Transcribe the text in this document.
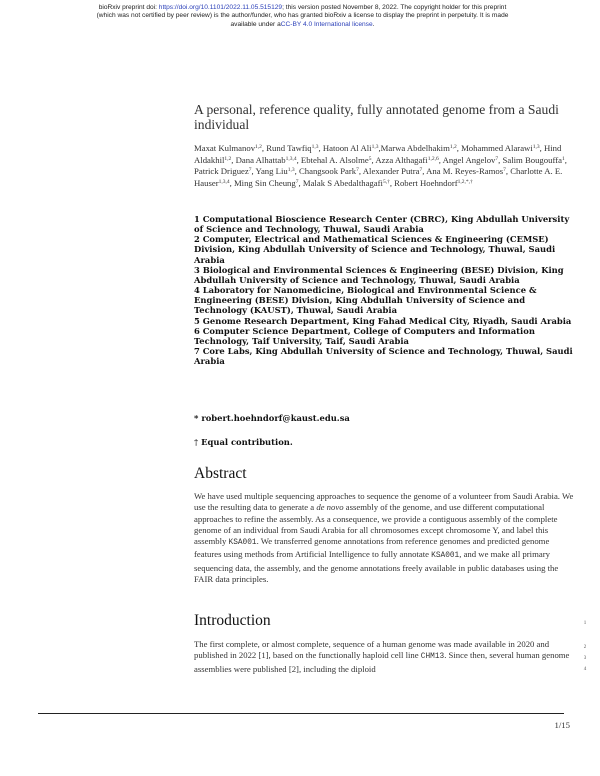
bioRxiv preprint doi: https://doi.org/10.1101/2022.11.05.515129; this version posted November 8, 2022. The copyright holder for this preprint
(which was not certified by peer review) is the author/funder, who has granted bioRxiv a license to display the preprint in perpetuity. It is made
available under aCC-BY 4.0 International license.
A personal, reference quality, fully annotated genome from a Saudi individual
Maxat Kulmanov$^{1,2}$, Rund Tawfiq$^{1,3}$, Hatoon Al Ali$^{1,3}$,Marwa Abdelhakim$^{1,2}$, Mohammed Alarawi$^{1,3}$, Hind Aldakhil$^{1,2}$, Dana Alhattab$^{1,3,4}$, Ebtehal A. Alsolme$^5$, Azza Althagafi$^{1,2,6}$, Angel Angelov$^7$, Salim Bougouffa$^1$, Patrick Driguez$^7$, Yang Liu$^{1,3}$, Changsook Park$^7$, Alexander Putra$^7$, Ana M. Reyes-Ramos$^7$, Charlotte A. E. Hauser$^{1,3,4}$, Ming Sin Cheung$^7$, Malak S Abedalthagafi$^{5,\dagger}$, Robert Hoehndorf$^{1,2,*,\dagger}$
1 Computational Bioscience Research Center (CBRC), King Abdullah University of Science and Technology, Thuwal, Saudi Arabia
2 Computer, Electrical and Mathematical Sciences & Engineering (CEMSE) Division, King Abdullah University of Science and Technology, Thuwal, Saudi Arabia
3 Biological and Environmental Sciences & Engineering (BESE) Division, King Abdullah University of Science and Technology, Thuwal, Saudi Arabia
4 Laboratory for Nanomedicine, Biological and Environmental Science & Engineering (BESE) Division, King Abdullah University of Science and Technology (KAUST), Thuwal, Saudi Arabia
5 Genome Research Department, King Fahad Medical City, Riyadh, Saudi Arabia
6 Computer Science Department, College of Computers and Information Technology, Taif University, Taif, Saudi Arabia
7 Core Labs, King Abdullah University of Science and Technology, Thuwal, Saudi Arabia
* robert.hoehndorf@kaust.edu.sa
† Equal contribution.
Abstract
We have used multiple sequencing approaches to sequence the genome of a volunteer from Saudi Arabia. We use the resulting data to generate a de novo assembly of the genome, and use different computational approaches to refine the assembly. As a consequence, we provide a contiguous assembly of the complete genome of an individual from Saudi Arabia for all chromosomes except chromosome Y, and label this assembly KSA001. We transferred genome annotations from reference genomes and predicted genome features using methods from Artificial Intelligence to fully annotate KSA001, and we make all primary sequencing data, the assembly, and the genome annotations freely available in public databases using the FAIR data principles.
Introduction
The first complete, or almost complete, sequence of a human genome was made available in 2020 and published in 2022 [1], based on the functionally haploid cell line CHM13. Since then, several human genome assemblies were published [2], including the diploid
1
2
3
4
1/15
